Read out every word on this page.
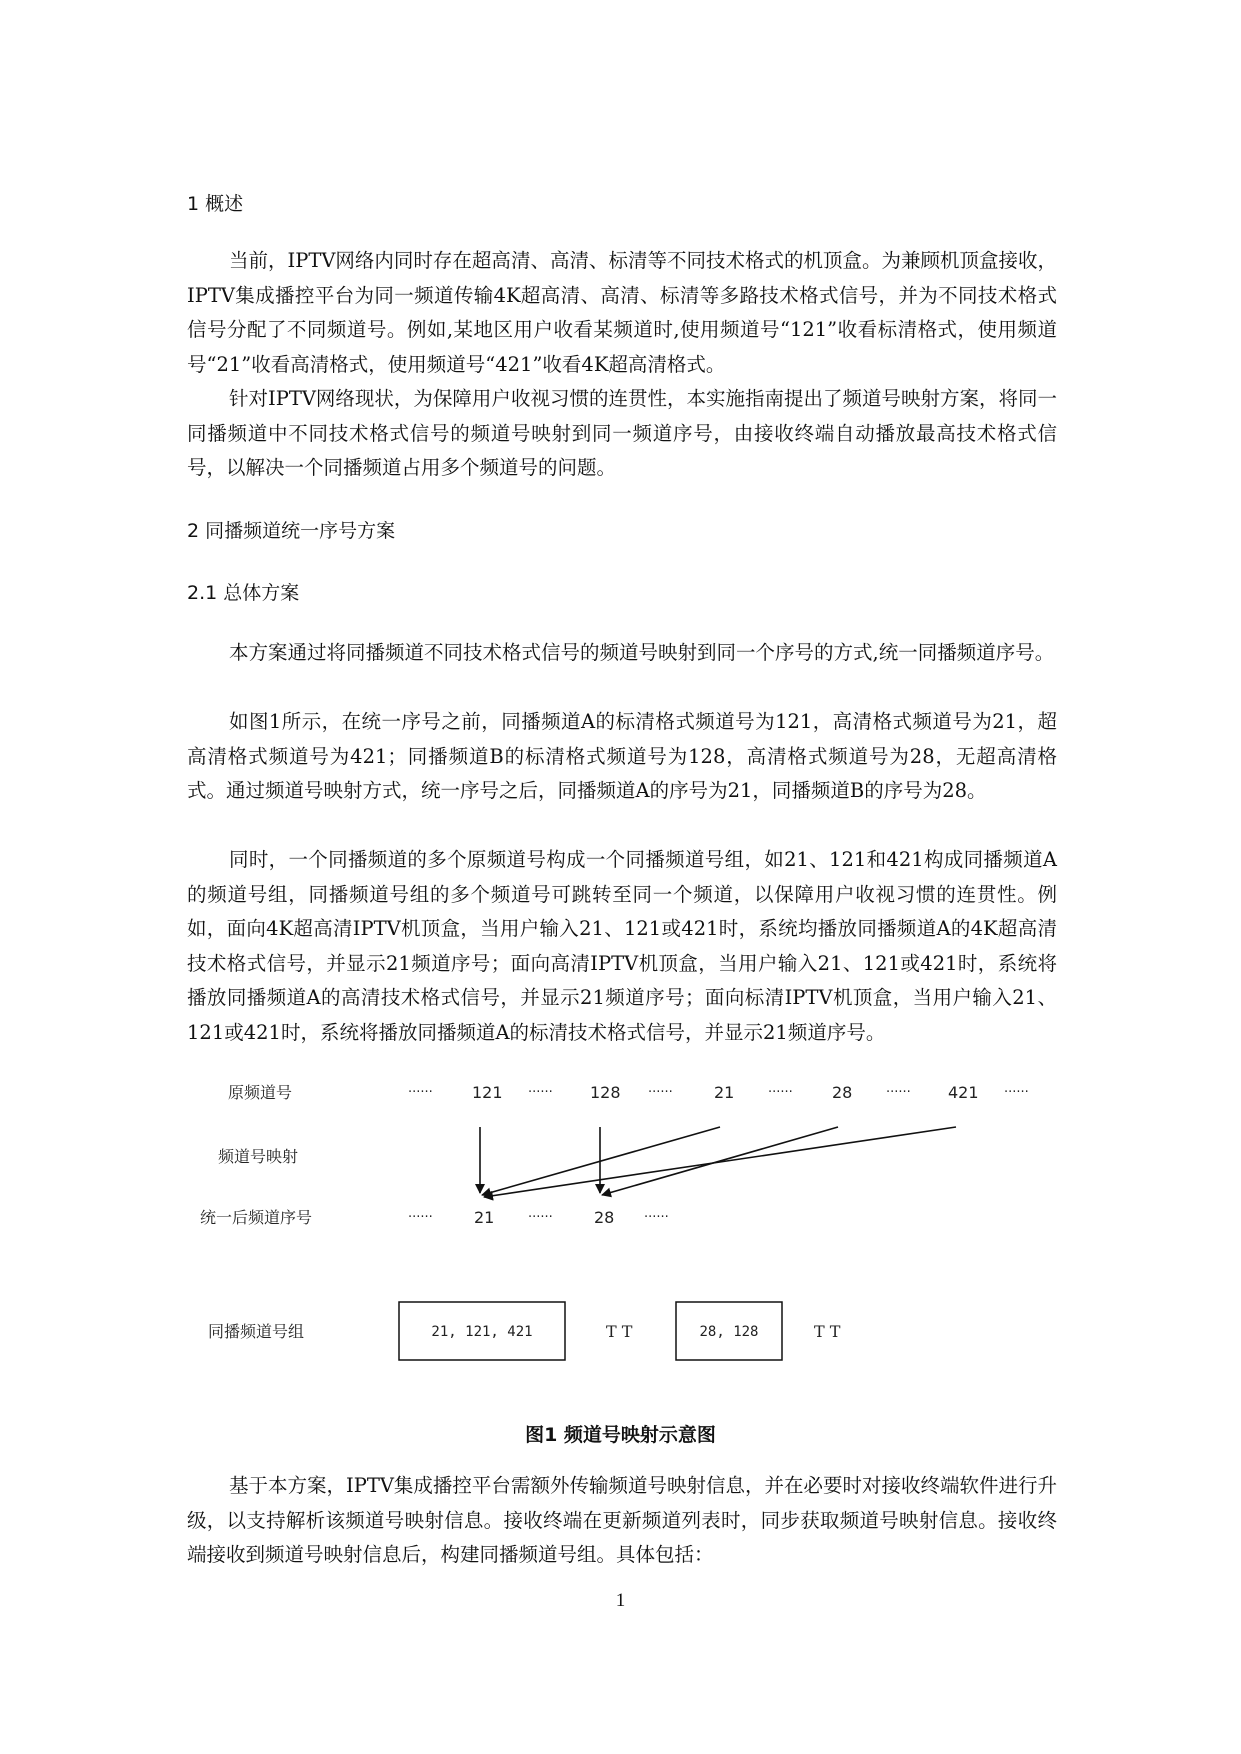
1 概述

当前，IPTV网络内同时存在超高清、高清、标清等不同技术格式的机顶盒。为兼顾机顶盒接收，IPTV集成播控平台为同一频道传输4K超高清、高清、标清等多路技术格式信号，并为不同技术格式信号分配了不同频道号。例如,某地区用户收看某频道时,使用频道号“121”收看标清格式，使用频道号“21”收看高清格式，使用频道号“421”收看4K超高清格式。

针对IPTV网络现状，为保障用户收视习惯的连贯性，本实施指南提出了频道号映射方案，将同一同播频道中不同技术格式信号的频道号映射到同一频道序号，由接收终端自动播放最高技术格式信号，以解决一个同播频道占用多个频道号的问题。

2 同播频道统一序号方案
2.1 总体方案

本方案通过将同播频道不同技术格式信号的频道号映射到同一个序号的方式,统一同播频道序号。

如图1所示，在统一序号之前，同播频道A的标清格式频道号为121，高清格式频道号为21，超高清格式频道号为421；同播频道B的标清格式频道号为128，高清格式频道号为28，无超高清格式。通过频道号映射方式，统一序号之后，同播频道A的序号为21，同播频道B的序号为28。

同时，一个同播频道的多个原频道号构成一个同播频道号组，如21、121和421构成同播频道A的频道号组，同播频道号组的多个频道号可跳转至同一个频道，以保障用户收视习惯的连贯性。例如，面向4K超高清IPTV机顶盒，当用户输入21、121或421时，系统均播放同播频道A的4K超高清技术格式信号，并显示21频道序号；面向高清IPTV机顶盒，当用户输入21、121或421时，系统将播放同播频道A的高清技术格式信号，并显示21频道序号；面向标清IPTV机顶盒，当用户输入21、121或421时，系统将播放同播频道A的标清技术格式信号，并显示21频道序号。

原频道号
频道号映射
统一后频道序号
同播频道号组
······ 121 ······ 128 ······	21	······ 28	······ 421 ······
······	21	······	28 ······
21, 121, 421	28, 128
T T	T T
图1 频道号映射示意图

基于本方案，IPTV集成播控平台需额外传输频道号映射信息，并在必要时对接收终端软件进行升级，以支持解析该频道号映射信息。接收终端在更新频道列表时，同步获取频道号映射信息。接收终端接收到频道号映射信息后，构建同播频道号组。具体包括：

1
